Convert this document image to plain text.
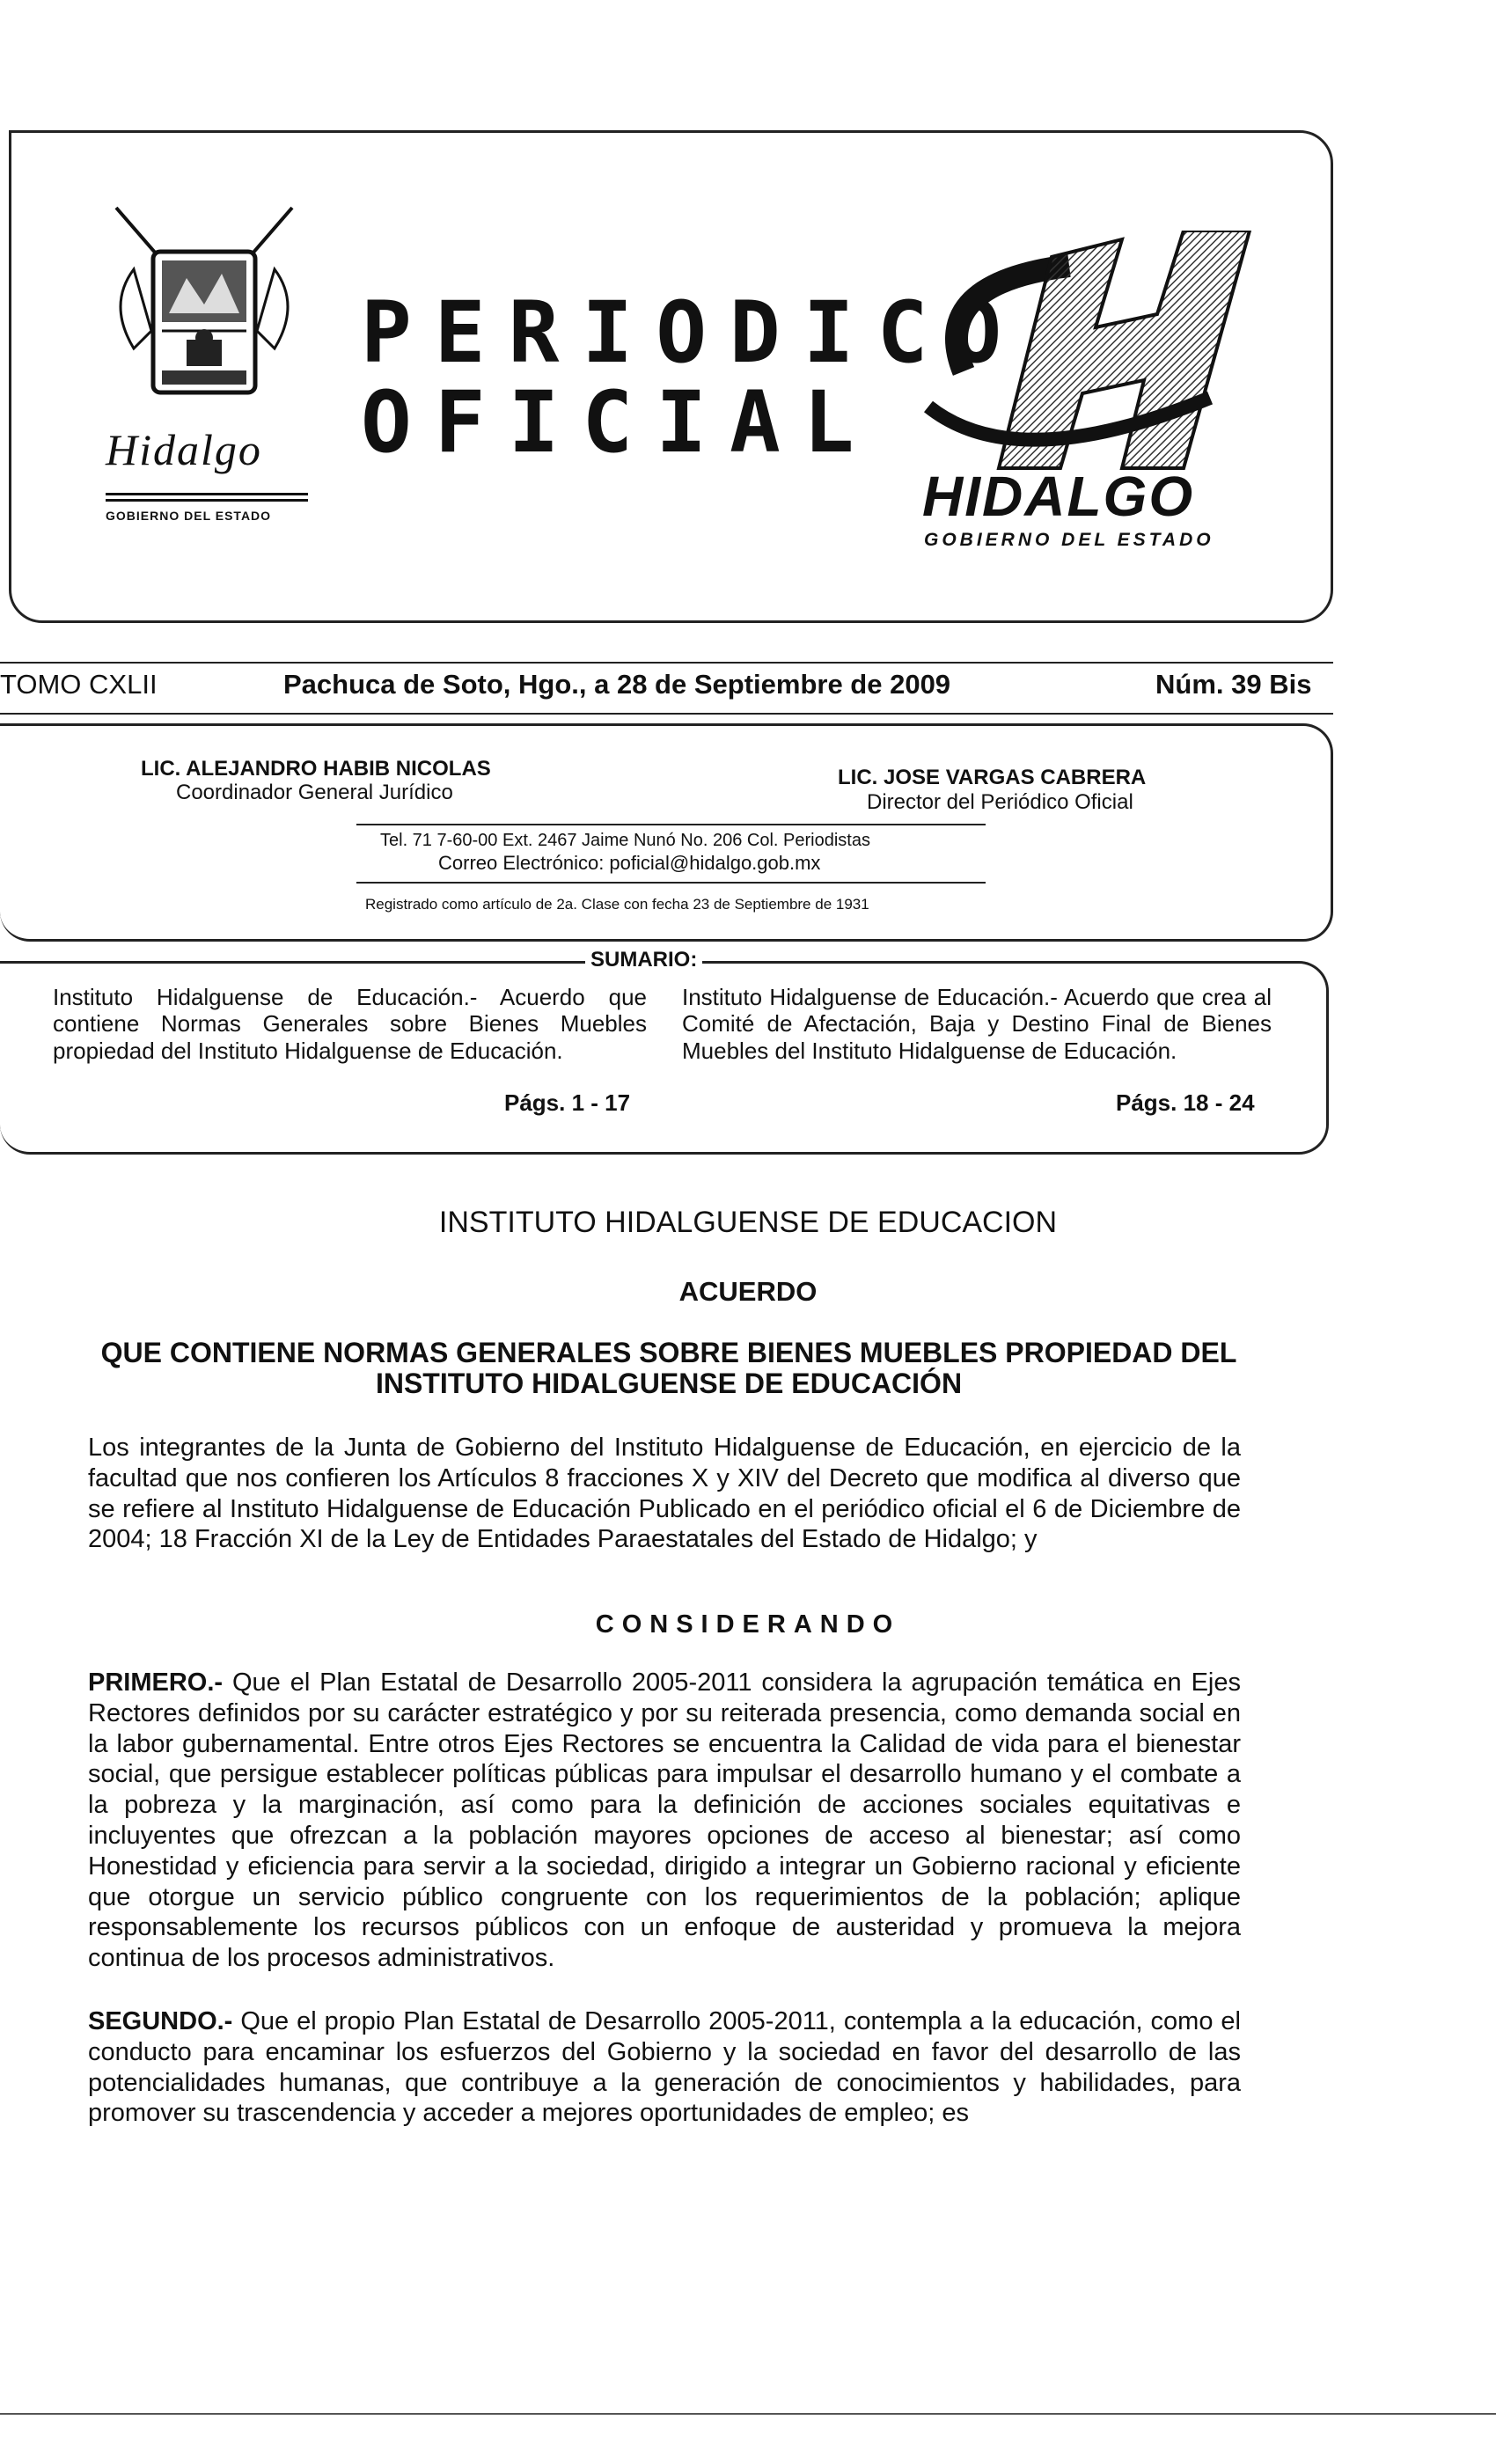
Hidalgo
GOBIERNO DEL ESTADO
PERIODICO
OFICIAL
HIDALGO
GOBIERNO DEL ESTADO
TOMO CXLII	Pachuca de Soto, Hgo., a 28 de Septiembre de 2009	Núm. 39 Bis
LIC. ALEJANDRO HABIB NICOLAS
Coordinador General Jurídico
LIC. JOSE VARGAS CABRERA
Director del Periódico Oficial
Tel. 71 7-60-00 Ext. 2467 Jaime Nunó No. 206 Col. Periodistas
Correo Electrónico: poficial@hidalgo.gob.mx
Registrado como artículo de 2a. Clase con fecha 23 de Septiembre de 1931
SUMARIO:
Instituto Hidalguense de Educación.- Acuerdo que contiene Normas Generales sobre Bienes Muebles propiedad del Instituto Hidalguense de Educación.
Instituto Hidalguense de Educación.- Acuerdo que crea al Comité de Afectación, Baja y Destino Final de Bienes Muebles del Instituto Hidalguense de Educación.
Págs. 1 - 17	Págs. 18 - 24
INSTITUTO HIDALGUENSE DE EDUCACION
ACUERDO
QUE CONTIENE NORMAS GENERALES SOBRE BIENES MUEBLES PROPIEDAD DEL INSTITUTO HIDALGUENSE DE EDUCACIÓN
Los integrantes de la Junta de Gobierno del Instituto Hidalguense de Educación, en ejercicio de la facultad que nos confieren los Artículos 8 fracciones X y XIV del Decreto que modifica al diverso que se refiere al Instituto Hidalguense de Educación Publicado en el periódico oficial el 6 de Diciembre de 2004; 18 Fracción XI de la Ley de Entidades Paraestatales del Estado de Hidalgo; y
CONSIDERANDO
PRIMERO.- Que el Plan Estatal de Desarrollo 2005-2011 considera la agrupación temática en Ejes Rectores definidos por su carácter estratégico y por su reiterada presencia, como demanda social en la labor gubernamental. Entre otros Ejes Rectores se encuentra la Calidad de vida para el bienestar social, que persigue establecer políticas públicas para impulsar el desarrollo humano y el combate a la pobreza y la marginación, así como para la definición de acciones sociales equitativas e incluyentes que ofrezcan a la población mayores opciones de acceso al bienestar; así como Honestidad y eficiencia para servir a la sociedad, dirigido a integrar un Gobierno racional y eficiente que otorgue un servicio público congruente con los requerimientos de la población; aplique responsablemente los recursos públicos con un enfoque de austeridad y promueva la mejora continua de los procesos administrativos.
SEGUNDO.- Que el propio Plan Estatal de Desarrollo 2005-2011, contempla a la educación, como el conducto para encaminar los esfuerzos del Gobierno y la sociedad en favor del desarrollo de las potencialidades humanas, que contribuye a la generación de conocimientos y habilidades, para promover su trascendencia y acceder a mejores oportunidades de empleo; es
